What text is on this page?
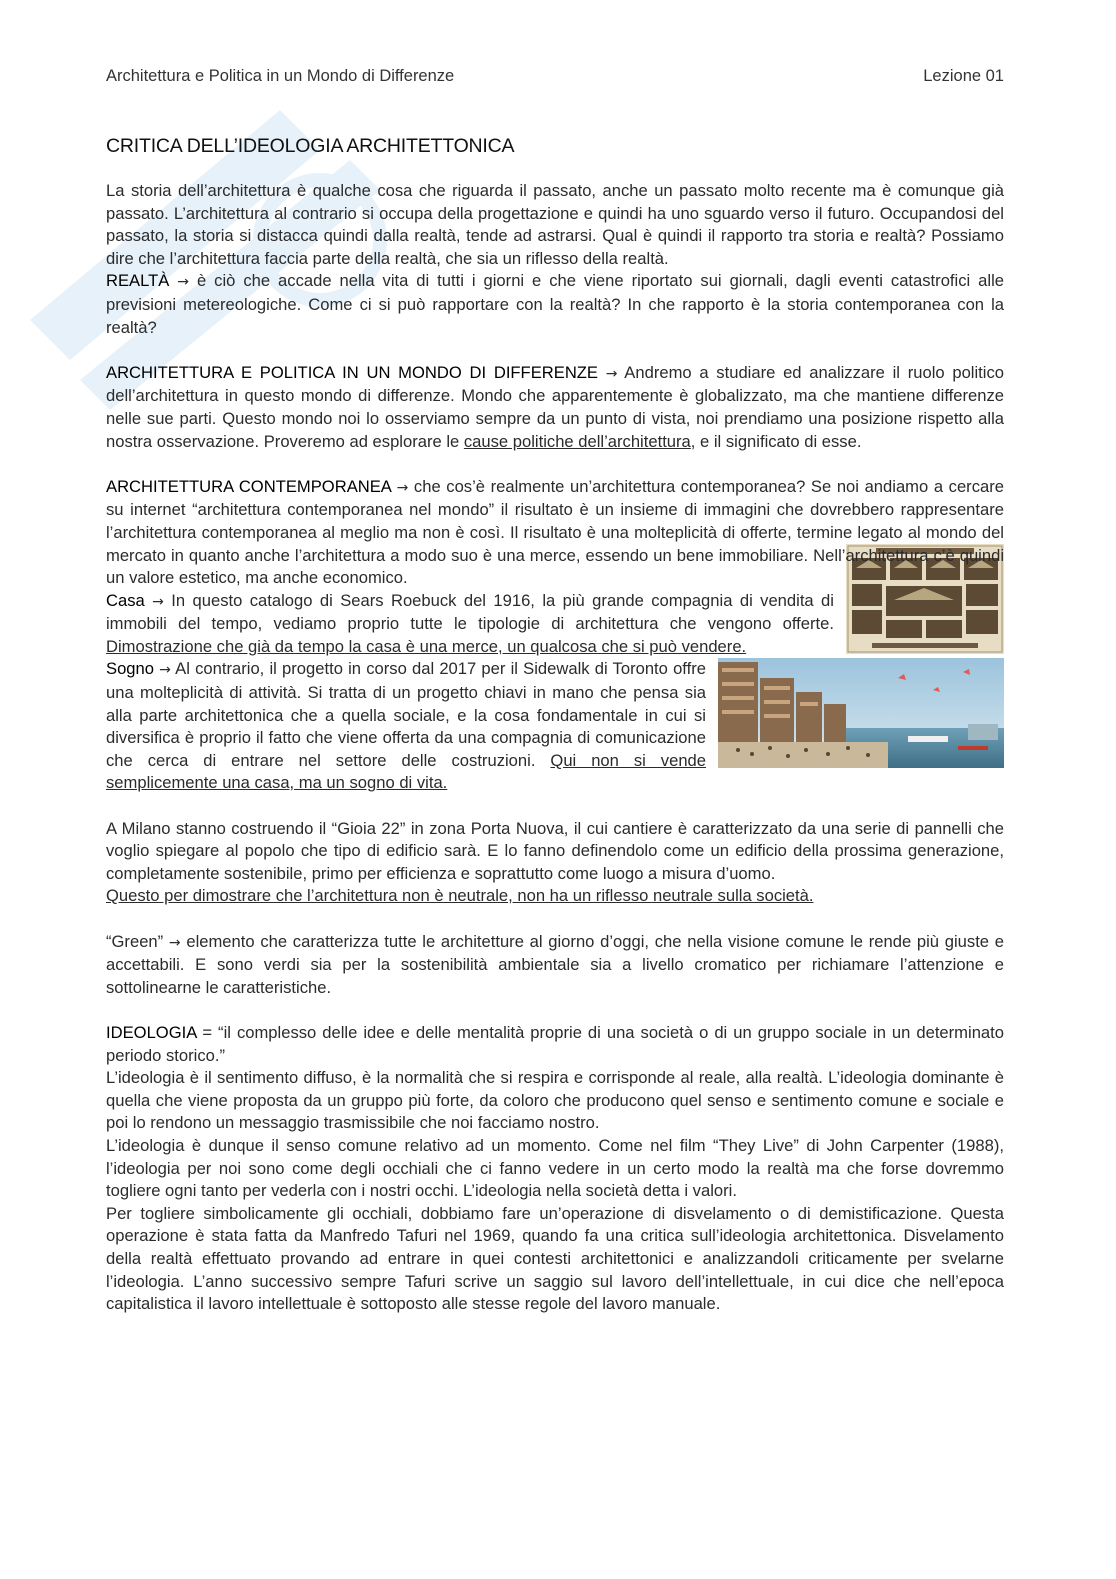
Architettura e Politica in un Mondo di Differenze	Lezione 01
CRITICA DELL’IDEOLOGIA ARCHITETTONICA

La storia dell’architettura è qualche cosa che riguarda il passato, anche un passato molto recente ma è comunque già passato. L’architettura al contrario si occupa della progettazione e quindi ha uno sguardo verso il futuro. Occupandosi del passato, la storia si distacca quindi dalla realtà, tende ad astrarsi. Qual è quindi il rapporto tra storia e realtà? Possiamo dire che l’architettura faccia parte della realtà, che sia un riflesso della realtà.

REALTÀ → è ciò che accade nella vita di tutti i giorni e che viene riportato sui giornali, dagli eventi catastrofici alle previsioni metereologiche. Come ci si può rapportare con la realtà? In che rapporto è la storia contemporanea con la realtà?

ARCHITETTURA E POLITICA IN UN MONDO DI DIFFERENZE → Andremo a studiare ed analizzare il ruolo politico dell’architettura in questo mondo di differenze. Mondo che apparentemente è globalizzato, ma che mantiene differenze nelle sue parti. Questo mondo noi lo osserviamo sempre da un punto di vista, noi prendiamo una posizione rispetto alla nostra osservazione. Proveremo ad esplorare le cause politiche dell’architettura, e il significato di esse.

ARCHITETTURA CONTEMPORANEA → che cos’è realmente un’architettura contemporanea? Se noi andiamo a cercare su internet “architettura contemporanea nel mondo” il risultato è un insieme di immagini che dovrebbero rappresentare l’architettura contemporanea al meglio ma non è così. Il risultato è una molteplicità di offerte, termine legato al mondo del mercato in quanto anche l’architettura a modo suo è una merce, essendo un bene immobiliare. Nell’architettura c’è quindi un valore estetico, ma anche economico.

Casa → In questo catalogo di Sears Roebuck del 1916, la più grande compagnia di vendita di immobili del tempo, vediamo proprio tutte le tipologie di architettura che vengono offerte. Dimostrazione che già da tempo la casa è una merce, un qualcosa che si può vendere.

Sogno → Al contrario, il progetto in corso dal 2017 per il Sidewalk di Toronto offre una molteplicità di attività. Si tratta di un progetto chiavi in mano che pensa sia alla parte architettonica che a quella sociale, e la cosa fondamentale in cui si diversifica è proprio il fatto che viene offerta da una compagnia di comunicazione che cerca di entrare nel settore delle costruzioni. Qui non si vende semplicemente una casa, ma un sogno di vita.

A Milano stanno costruendo il “Gioia 22” in zona Porta Nuova, il cui cantiere è caratterizzato da una serie di pannelli che voglio spiegare al popolo che tipo di edificio sarà. E lo fanno definendolo come un edificio della prossima generazione, completamente sostenibile, primo per efficienza e soprattutto come luogo a misura d’uomo.

Questo per dimostrare che l’architettura non è neutrale, non ha un riflesso neutrale sulla società.

“Green” → elemento che caratterizza tutte le architetture al giorno d’oggi, che nella visione comune le rende più giuste e accettabili. E sono verdi sia per la sostenibilità ambientale sia a livello cromatico per richiamare l’attenzione e sottolinearne le caratteristiche.

IDEOLOGIA = “il complesso delle idee e delle mentalità proprie di una società o di un gruppo sociale in un determinato periodo storico.”

L’ideologia è il sentimento diffuso, è la normalità che si respira e corrisponde al reale, alla realtà. L’ideologia dominante è quella che viene proposta da un gruppo più forte, da coloro che producono quel senso e sentimento comune e sociale e poi lo rendono un messaggio trasmissibile che noi facciamo nostro.

L’ideologia è dunque il senso comune relativo ad un momento. Come nel film “They Live” di John Carpenter (1988), l’ideologia per noi sono come degli occhiali che ci fanno vedere in un certo modo la realtà ma che forse dovremmo togliere ogni tanto per vederla con i nostri occhi. L’ideologia nella società detta i valori.

Per togliere simbolicamente gli occhiali, dobbiamo fare un’operazione di disvelamento o di demistificazione. Questa operazione è stata fatta da Manfredo Tafuri nel 1969, quando fa una critica sull’ideologia architettonica. Disvelamento della realtà effettuato provando ad entrare in quei contesti architettonici e analizzandoli criticamente per svelarne l’ideologia. L’anno successivo sempre Tafuri scrive un saggio sul lavoro dell’intellettuale, in cui dice che nell’epoca capitalistica il lavoro intellettuale è sottoposto alle stesse regole del lavoro manuale.
